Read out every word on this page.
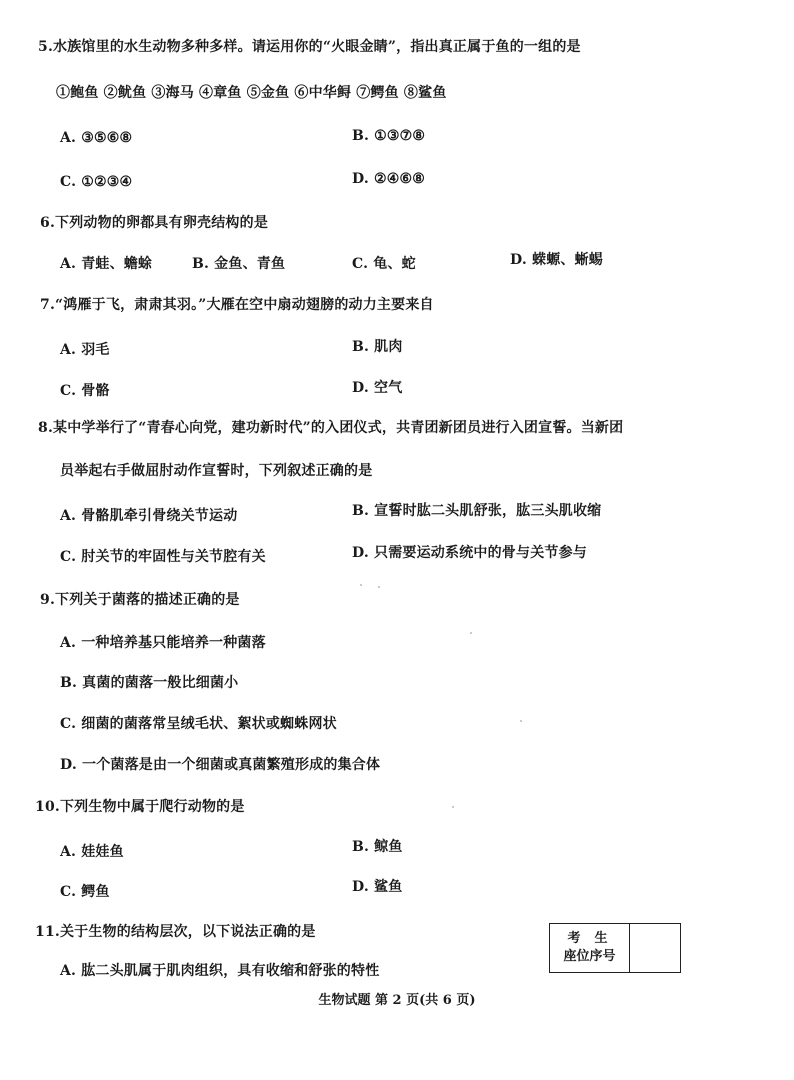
5.水族馆里的水生动物多种多样。请运用你的“火眼金睛”，指出真正属于鱼的一组的是
①鲍鱼 ②鱿鱼 ③海马 ④章鱼 ⑤金鱼 ⑥中华鲟 ⑦鳄鱼 ⑧鲨鱼
A. ③⑤⑥⑧	B. ①③⑦⑧
C. ①②③④	D. ②④⑥⑧
6.下列动物的卵都具有卵壳结构的是
A. 青蛙、蟾蜍	B. 金鱼、青鱼	C. 龟、蛇	D. 蝾螈、蜥蜴
7.“鸿雁于飞，肃肃其羽。”大雁在空中扇动翅膀的动力主要来自
A. 羽毛	B. 肌肉
C. 骨骼	D. 空气
8.某中学举行了“青春心向党，建功新时代”的入团仪式，共青团新团员进行入团宣誓。当新团
员举起右手做屈肘动作宣誓时，下列叙述正确的是
A. 骨骼肌牵引骨绕关节运动	B. 宣誓时肱二头肌舒张，肱三头肌收缩
C. 肘关节的牢固性与关节腔有关	D. 只需要运动系统中的骨与关节参与
9.下列关于菌落的描述正确的是
A. 一种培养基只能培养一种菌落
B. 真菌的菌落一般比细菌小
C. 细菌的菌落常呈绒毛状、絮状或蜘蛛网状
D. 一个菌落是由一个细菌或真菌繁殖形成的集合体
10.下列生物中属于爬行动物的是
A. 娃娃鱼	B. 鲸鱼
C. 鳄鱼	D. 鲨鱼
11.关于生物的结构层次，以下说法正确的是
A. 肱二头肌属于肌肉组织，具有收缩和舒张的特性
考生
座位序号
生物试题 第 2 页(共 6 页)
